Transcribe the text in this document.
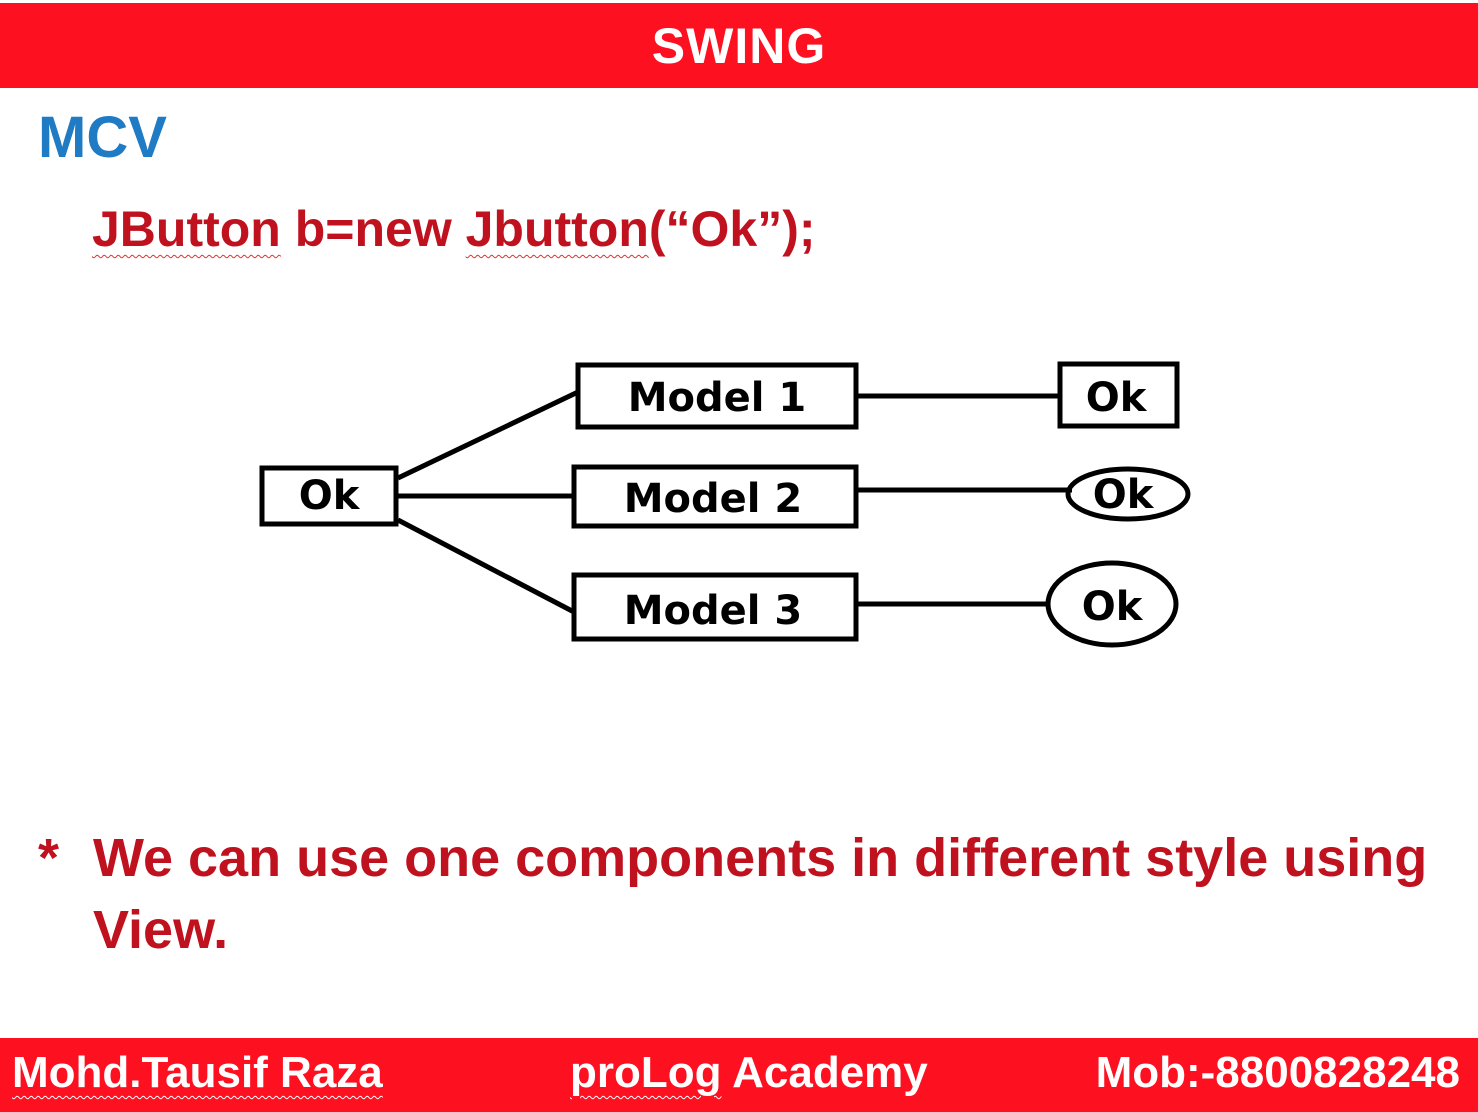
SWING
MCV
JButton b=new Jbutton(“Ok”);
Ok
Model 1
Model 2
Model 3
Ok
Ok
Ok
* We can use one components in different style using View.
Mohd.Tausif Raza	proLog Academy	Mob:-8800828248
